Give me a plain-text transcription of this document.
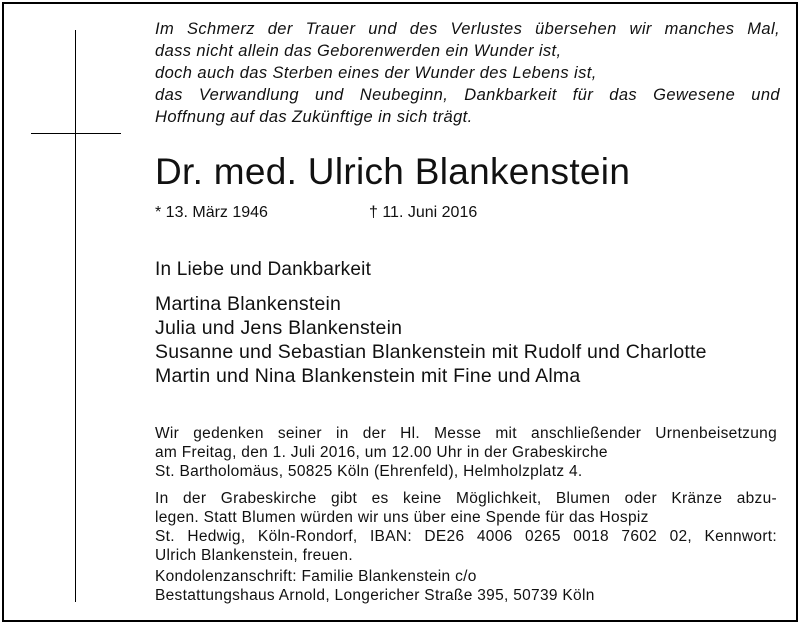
Im Schmerz der Trauer und des Verlustes übersehen wir manches Mal,
dass nicht allein das Geborenwerden ein Wunder ist,
doch auch das Sterben eines der Wunder des Lebens ist,
das Verwandlung und Neubeginn, Dankbarkeit für das Gewesene und
Hoffnung auf das Zukünftige in sich trägt.
Dr. med. Ulrich Blankenstein
* 13. März 1946	† 11. Juni 2016
In Liebe und Dankbarkeit
Martina Blankenstein
Julia und Jens Blankenstein
Susanne und Sebastian Blankenstein mit Rudolf und Charlotte
Martin und Nina Blankenstein mit Fine und Alma
Wir gedenken seiner in der Hl. Messe mit anschließender Urnenbeisetzung
am Freitag, den 1. Juli 2016, um 12.00 Uhr in der Grabeskirche
St. Bartholomäus, 50825 Köln (Ehrenfeld), Helmholzplatz 4.
In der Grabeskirche gibt es keine Möglichkeit, Blumen oder Kränze abzu-
legen. Statt Blumen würden wir uns über eine Spende für das Hospiz
St. Hedwig, Köln-Rondorf, IBAN: DE26 4006 0265 0018 7602 02, Kennwort:
Ulrich Blankenstein, freuen.
Kondolenzanschrift: Familie Blankenstein c/o
Bestattungshaus Arnold, Longericher Straße 395, 50739 Köln
